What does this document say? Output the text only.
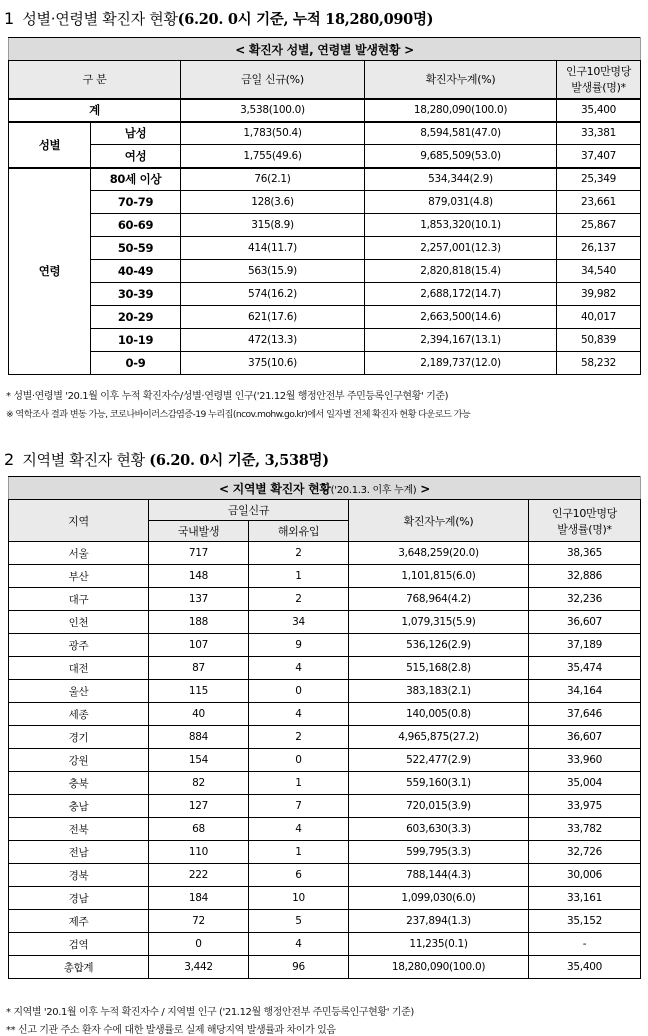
1 성별·연령별 확진자 현황(6.20. 0시 기준, 누적 18,280,090명)
< 확진자 성별, 연령별 발생현황 >				
구 분		금일 신규(%)	확진자누계(%)	인구10만명당
발생률(명)*
계		3,538(100.0)	18,280,090(100.0)	35,400
성별	남성	1,783(50.4)	8,594,581(47.0)	33,381
	여성	1,755(49.6)	9,685,509(53.0)	37,407
연령	80세 이상	76(2.1)	534,344(2.9)	25,349
	70-79	128(3.6)	879,031(4.8)	23,661
	60-69	315(8.9)	1,853,320(10.1)	25,867
	50-59	414(11.7)	2,257,001(12.3)	26,137
	40-49	563(15.9)	2,820,818(15.4)	34,540
	30-39	574(16.2)	2,688,172(14.7)	39,982
	20-29	621(17.6)	2,663,500(14.6)	40,017
	10-19	472(13.3)	2,394,167(13.1)	50,839
	0-9	375(10.6)	2,189,737(12.0)	58,232
* 성별·연령별 '20.1월 이후 누적 확진자수/성별·연령별 인구('21.12월 행정안전부 주민등록인구현황' 기준)
※ 역학조사 결과 변동 가능, 코로나바이러스감염증-19 누리집(ncov.mohw.go.kr)에서 일자별 전체 확진자 현황 다운로드 가능
2 지역별 확진자 현황 (6.20. 0시 기준, 3,538명)
< 지역별 확진자 현황('20.1.3. 이후 누계) >				
지역	금일신규		확진자누계(%)	인구10만명당
발생률(명)*
	국내발생	해외유입		
서울	717	2	3,648,259(20.0)	38,365
부산	148	1	1,101,815(6.0)	32,886
대구	137	2	768,964(4.2)	32,236
인천	188	34	1,079,315(5.9)	36,607
광주	107	9	536,126(2.9)	37,189
대전	87	4	515,168(2.8)	35,474
울산	115	0	383,183(2.1)	34,164
세종	40	4	140,005(0.8)	37,646
경기	884	2	4,965,875(27.2)	36,607
강원	154	0	522,477(2.9)	33,960
충북	82	1	559,160(3.1)	35,004
충남	127	7	720,015(3.9)	33,975
전북	68	4	603,630(3.3)	33,782
전남	110	1	599,795(3.3)	32,726
경북	222	6	788,144(4.3)	30,006
경남	184	10	1,099,030(6.0)	33,161
제주	72	5	237,894(1.3)	35,152
검역	0	4	11,235(0.1)	-
총합계	3,442	96	18,280,090(100.0)	35,400
* 지역별 '20.1월 이후 누적 확진자수 / 지역별 인구 ('21.12월 행정안전부 주민등록인구현황' 기준)
** 신고 기관 주소 환자 수에 대한 발생률로 실제 해당지역 발생률과 차이가 있음
